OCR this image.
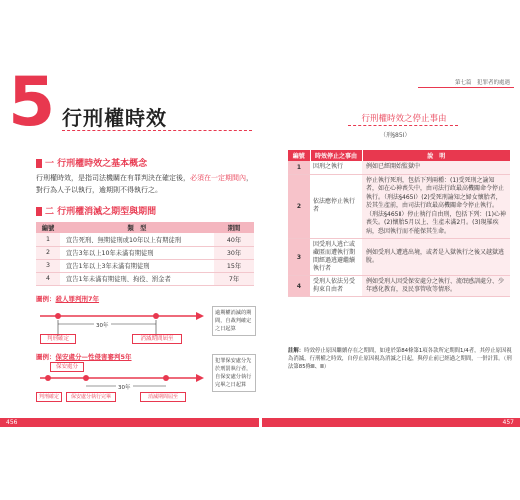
5 行刑權時效
一 行刑權時效之基本概念
行刑權時效，是指司法機關在有罪判決在確定後，必須在一定期間內，對行為人予以執行，逾期則不得執行之。
二 行刑權消滅之期型與期間
編號	類　型	期間
1	宣告死刑、無期徒刑或10年以上有期徒刑	40年
2	宣告3年以上10年未滿有期徒刑	30年
3	宣告1年以上3年未滿有期徒刑	15年
4	宣告1年未滿有期徒刑、拘役、罰金者	7年
圖例：殺人罪判刑7年
30年
判刑確定	消滅期間屆至
逾期權消滅的期間，自裁判確定之日起算
圖例：保安處分—性侵害審判5年
保安處分
30年
判刑確定	保安處分執行完畢	消滅期間屆至
犯罪保安處分先於刑罰執行者，自保安處分執行完畢之日起算
456
第七篇　犯罪者的處遇
行刑權時效之停止事由
（刑§85Ⅰ）
編號	時效停止之事由	說　明
1	因刑之執行	例如已經開始監獄中
2	依法應停止執行者	停止執行死刑，包括下列兩種：(1)受死刑之諭知者，如在心神喪失中，由司法行政最高機關命令停止執行。（刑法§465Ⅰ）(2)受死刑諭知之婦女懷胎者，於其生產前，由司法行政最高機關命令停止執行。（刑法§465Ⅱ）停止執行自由刑，包括下列：(1)心神喪失。(2)懷胎5月以上、生產未滿2月。(3)現罹疾病，恐因執行而不能保其生命。
3	因受刑人逃亡或藏匿而遭執行期間經過逃避繼續執行者	例如受刑人遭逃出境，或者是入獄執行之後又越獄逃脫。
4	受刑人依法另受拘束自由者	例如受刑人因受保安處分之執行、流氓感訓處分、少年感化教育，及民事管收等情形。
註解：時效停止原因繼續存在之期間，如達於第84條第1項各款所定期間1/4者，其停止原因視為消滅，行刑權之時效，自停止原因視為消滅之日起，與停止前已經過之期間，一併計算。（刑法第85條Ⅲ、Ⅲ）
457
